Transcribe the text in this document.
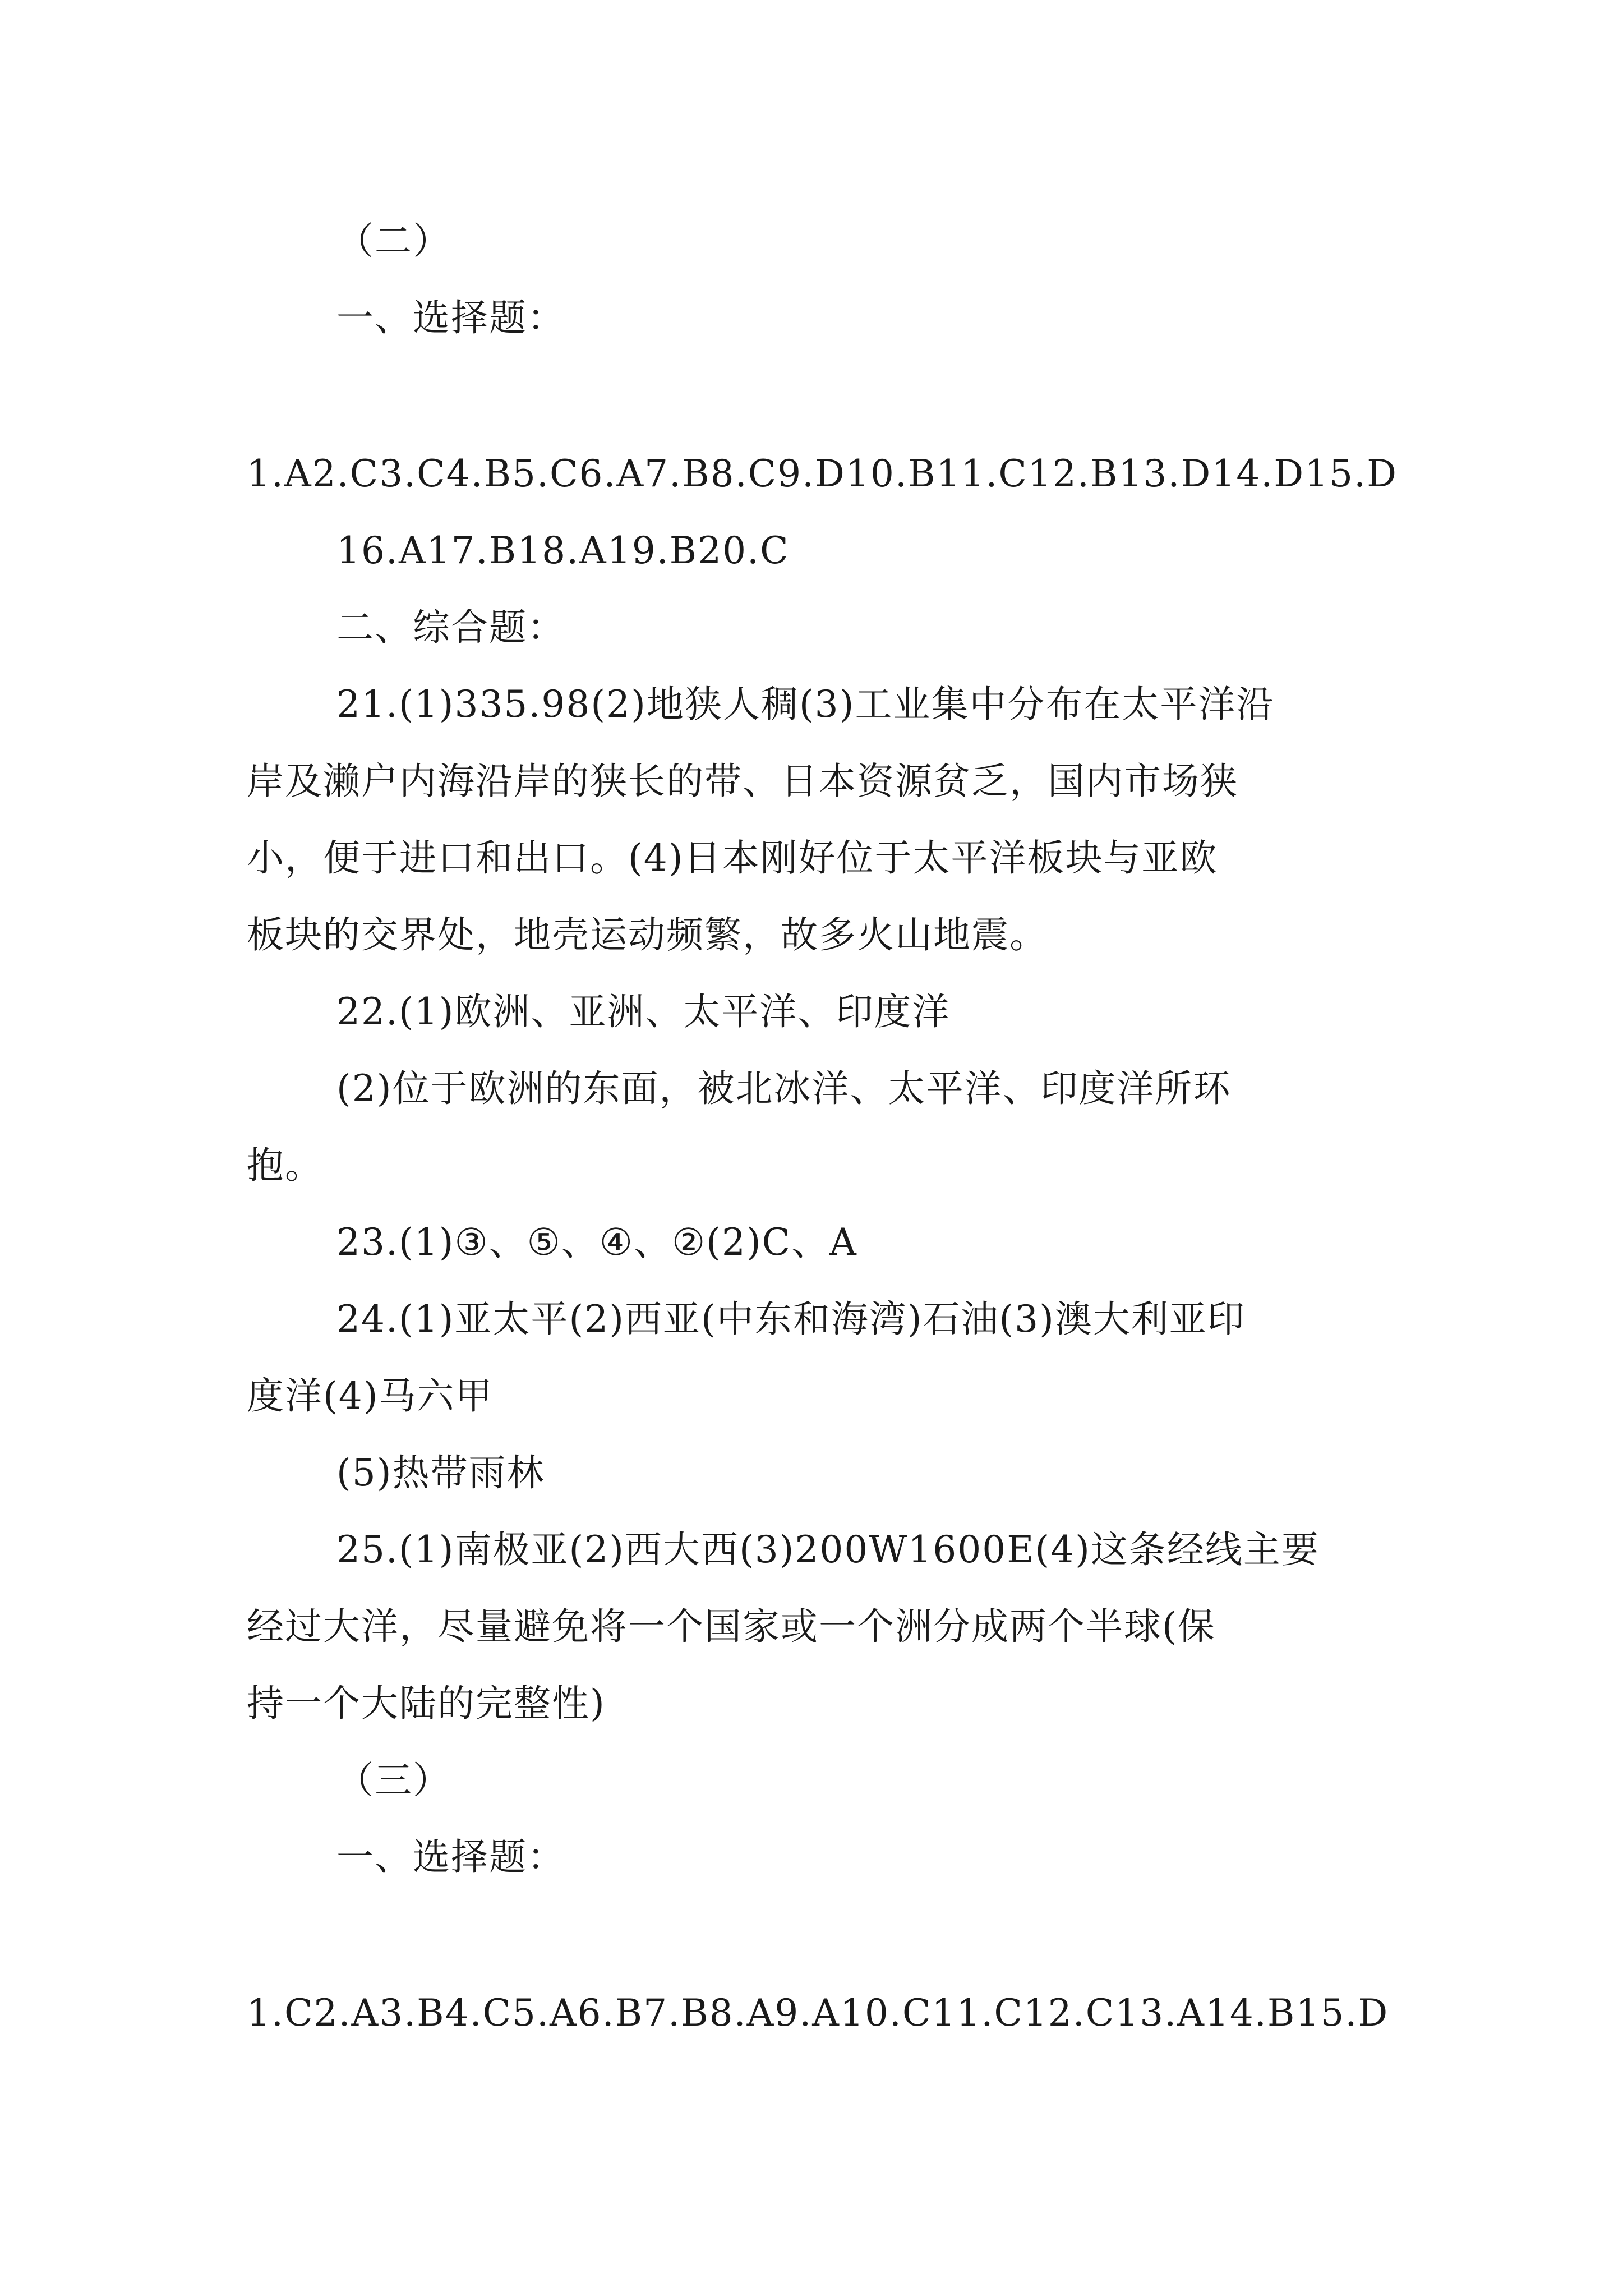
（二）
一、选择题：
1.A2.C3.C4.B5.C6.A7.B8.C9.D10.B11.C12.B13.D14.D15.D
16.A17.B18.A19.B20.C
二、综合题：
21.(1)335.98(2)地狭人稠(3)工业集中分布在太平洋沿
岸及濑户内海沿岸的狭长的带、日本资源贫乏，国内市场狭
小，便于进口和出口。(4)日本刚好位于太平洋板块与亚欧
板块的交界处，地壳运动频繁，故多火山地震。
22.(1)欧洲、亚洲、太平洋、印度洋
(2)位于欧洲的东面，被北冰洋、太平洋、印度洋所环
抱。
23.(1)③、⑤、④、②(2)C、A
24.(1)亚太平(2)西亚(中东和海湾)石油(3)澳大利亚印
度洋(4)马六甲
(5)热带雨林
25.(1)南极亚(2)西大西(3)200W1600E(4)这条经线主要
经过大洋，尽量避免将一个国家或一个洲分成两个半球(保
持一个大陆的完整性)
（三）
一、选择题：
1.C2.A3.B4.C5.A6.B7.B8.A9.A10.C11.C12.C13.A14.B15.D
